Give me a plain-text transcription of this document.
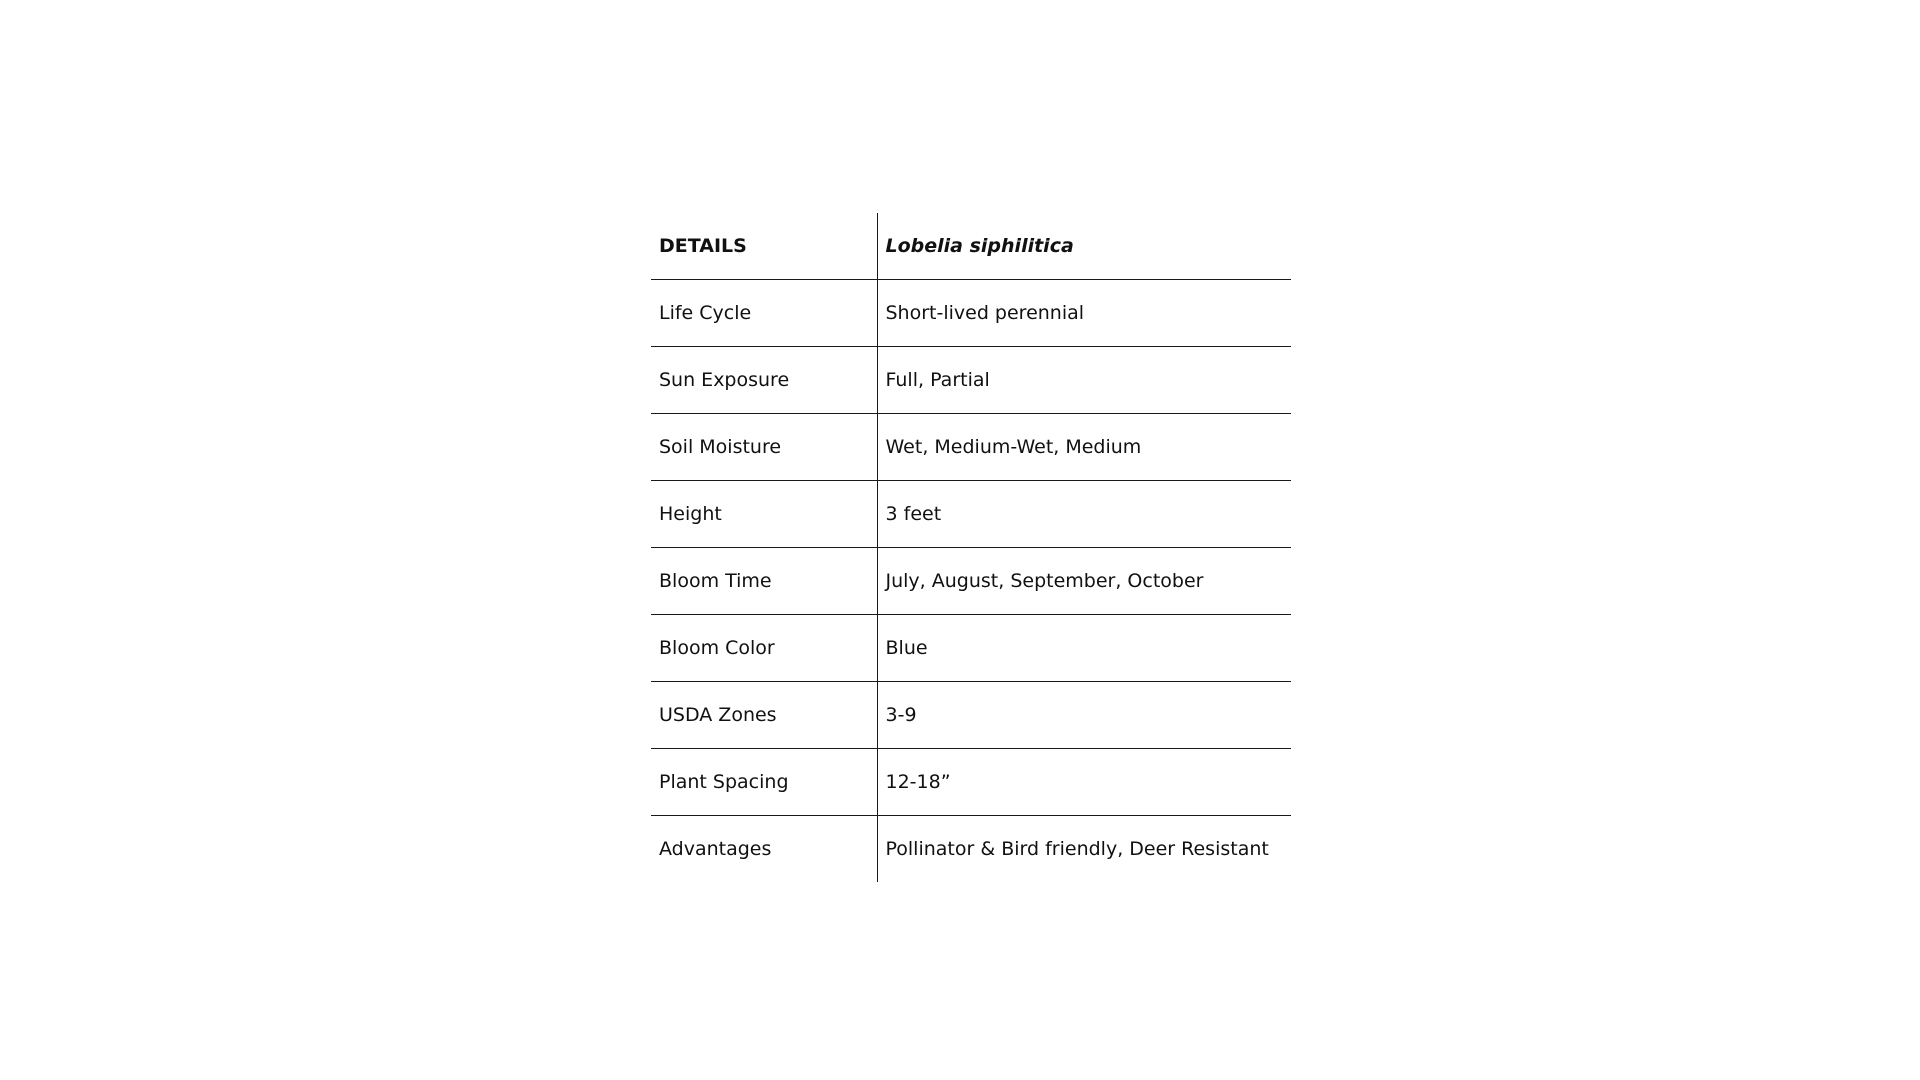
DETAILS	Lobelia siphilitica
Life Cycle	Short-lived perennial
Sun Exposure	Full, Partial
Soil Moisture	Wet, Medium-Wet, Medium
Height	3 feet
Bloom Time	July, August, September, October
Bloom Color	Blue
USDA Zones	3-9
Plant Spacing	12-18”
Advantages	Pollinator & Bird friendly, Deer Resistant
